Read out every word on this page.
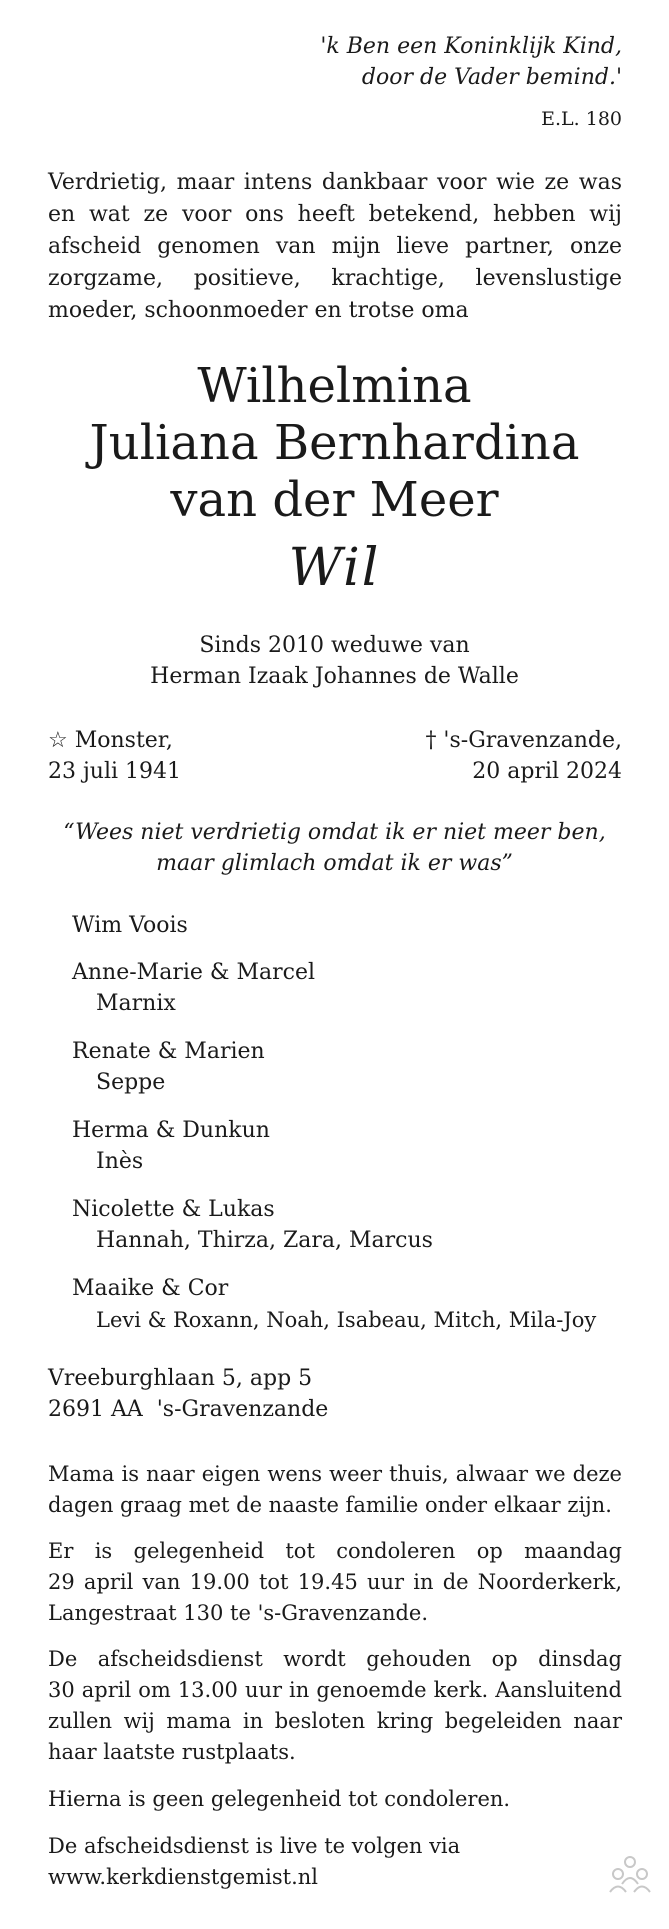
'k Ben een Koninklijk Kind,
door de Vader bemind.'
E.L. 180
Verdrietig, maar intens dankbaar voor wie ze was
en wat ze voor ons heeft betekend, hebben wij
afscheid genomen van mijn lieve partner, onze
zorgzame, positieve, krachtige, levenslustige
moeder, schoonmoeder en trotse oma
Wilhelmina
Juliana Bernhardina
van der Meer
Wil
Sinds 2010 weduwe van
Herman Izaak Johannes de Walle
☆ Monster,
23 juli 1941
† 's-Gravenzande,
20 april 2024
“Wees niet verdrietig omdat ik er niet meer ben,
maar glimlach omdat ik er was”
Wim Voois
Anne-Marie & Marcel
Marnix
Renate & Marien
Seppe
Herma & Dunkun
Inès
Nicolette & Lukas
Hannah, Thirza, Zara, Marcus
Maaike & Cor
Levi & Roxann, Noah, Isabeau, Mitch, Mila-Joy
Vreeburghlaan 5, app 5
2691 AA  's-Gravenzande
Mama is naar eigen wens weer thuis, alwaar we deze
dagen graag met de naaste familie onder elkaar zijn.
Er is gelegenheid tot condoleren op maandag
29 april van 19.00 tot 19.45 uur in de Noorderkerk,
Langestraat 130 te 's-Gravenzande.
De afscheidsdienst wordt gehouden op dinsdag
30 april om 13.00 uur in genoemde kerk. Aansluitend
zullen wij mama in besloten kring begeleiden naar
haar laatste rustplaats.
Hierna is geen gelegenheid tot condoleren.
De afscheidsdienst is live te volgen via
www.kerkdienstgemist.nl
